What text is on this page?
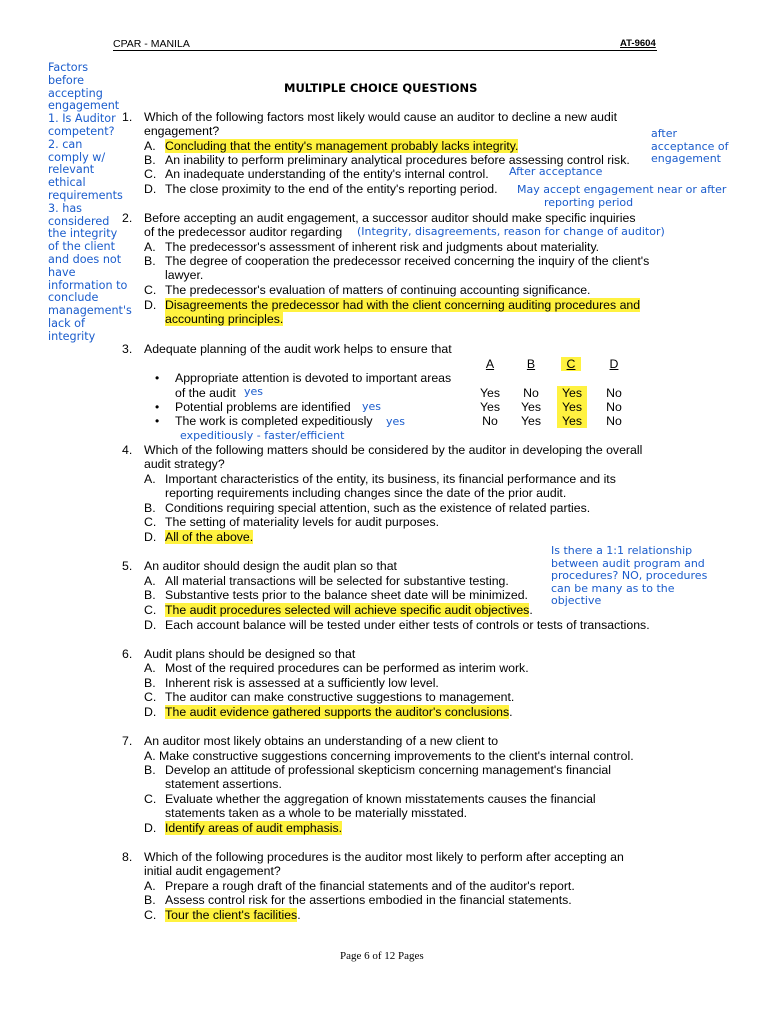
CPAR - MANILA	AT-9604
MULTIPLE CHOICE QUESTIONS
Factors
before
accepting
engagement
1. Is Auditor
competent?
2. can
comply w/
relevant
ethical
requirements
3. has
considered
the integrity
of the client
and does not
have
information to
conclude
management's
lack of
integrity
1. Which of the following factors most likely would cause an auditor to decline a new audit
engagement?
A. Concluding that the entity's management probably lacks integrity.
B. An inability to perform preliminary analytical procedures before assessing control risk.
C. An inadequate understanding of the entity's internal control.
D. The close proximity to the end of the entity's reporting period.
after
acceptance of
engagement
After acceptance
May accept engagement near or after
reporting period
2. Before accepting an audit engagement, a successor auditor should make specific inquiries
of the predecessor auditor regarding (Integrity, disagreements, reason for change of auditor)
A. The predecessor's assessment of inherent risk and judgments about materiality.
B. The degree of cooperation the predecessor received concerning the inquiry of the client's
lawyer.
C. The predecessor's evaluation of matters of continuing accounting significance.
D. Disagreements the predecessor had with the client concerning auditing procedures and
accounting principles.
3. Adequate planning of the audit work helps to ensure that
A	B	C	D
• Appropriate attention is devoted to important areas
of the audit yes	Yes	No	Yes	No
• Potential problems are identified yes	Yes	Yes	Yes	No
• The work is completed expeditiously yes	No	Yes	Yes	No
expeditiously - faster/efficient
4. Which of the following matters should be considered by the auditor in developing the overall
audit strategy?
A. Important characteristics of the entity, its business, its financial performance and its
reporting requirements including changes since the date of the prior audit.
B. Conditions requiring special attention, such as the existence of related parties.
C. The setting of materiality levels for audit purposes.
D. All of the above.
5. An auditor should design the audit plan so that
A. All material transactions will be selected for substantive testing.
B. Substantive tests prior to the balance sheet date will be minimized.
C. The audit procedures selected will achieve specific audit objectives.
D. Each account balance will be tested under either tests of controls or tests of transactions.
Is there a 1:1 relationship
between audit program and
procedures? NO, procedures
can be many as to the
objective
6. Audit plans should be designed so that
A. Most of the required procedures can be performed as interim work.
B. Inherent risk is assessed at a sufficiently low level.
C. The auditor can make constructive suggestions to management.
D. The audit evidence gathered supports the auditor's conclusions.
7. An auditor most likely obtains an understanding of a new client to
A. Make constructive suggestions concerning improvements to the client's internal control.
B. Develop an attitude of professional skepticism concerning management's financial
statement assertions.
C. Evaluate whether the aggregation of known misstatements causes the financial
statements taken as a whole to be materially misstated.
D. Identify areas of audit emphasis.
8. Which of the following procedures is the auditor most likely to perform after accepting an
initial audit engagement?
A. Prepare a rough draft of the financial statements and of the auditor's report.
B. Assess control risk for the assertions embodied in the financial statements.
C. Tour the client's facilities.
Page 6 of 12 Pages
